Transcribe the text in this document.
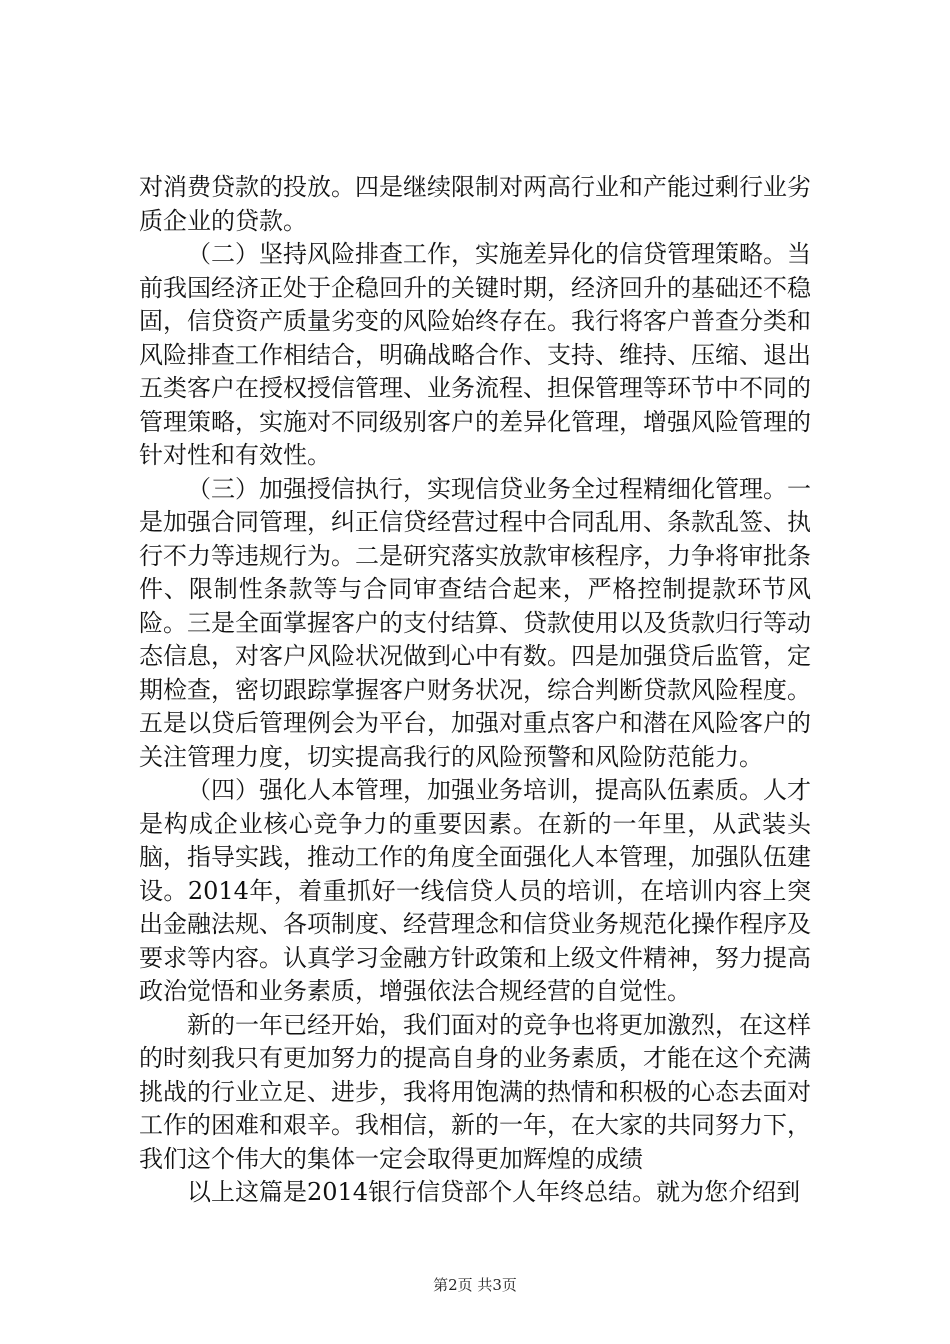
对消费贷款的投放。四是继续限制对两高行业和产能过剩行业劣质企业的贷款。

（二）坚持风险排查工作，实施差异化的信贷管理策略。当前我国经济正处于企稳回升的关键时期，经济回升的基础还不稳固，信贷资产质量劣变的风险始终存在。我行将客户普查分类和风险排查工作相结合，明确战略合作、支持、维持、压缩、退出五类客户在授权授信管理、业务流程、担保管理等环节中不同的管理策略，实施对不同级别客户的差异化管理，增强风险管理的针对性和有效性。

（三）加强授信执行，实现信贷业务全过程精细化管理。一是加强合同管理，纠正信贷经营过程中合同乱用、条款乱签、执行不力等违规行为。二是研究落实放款审核程序，力争将审批条件、限制性条款等与合同审查结合起来，严格控制提款环节风险。三是全面掌握客户的支付结算、贷款使用以及货款归行等动态信息，对客户风险状况做到心中有数。四是加强贷后监管，定期检查，密切跟踪掌握客户财务状况，综合判断贷款风险程度。五是以贷后管理例会为平台，加强对重点客户和潜在风险客户的关注管理力度，切实提高我行的风险预警和风险防范能力。

（四）强化人本管理，加强业务培训，提高队伍素质。人才是构成企业核心竞争力的重要因素。在新的一年里，从武装头脑，指导实践，推动工作的角度全面强化人本管理，加强队伍建设。2014年，着重抓好一线信贷人员的培训，在培训内容上突出金融法规、各项制度、经营理念和信贷业务规范化操作程序及要求等内容。认真学习金融方针政策和上级文件精神，努力提高政治觉悟和业务素质，增强依法合规经营的自觉性。

新的一年已经开始，我们面对的竞争也将更加激烈，在这样的时刻我只有更加努力的提高自身的业务素质，才能在这个充满挑战的行业立足、进步，我将用饱满的热情和积极的心态去面对工作的困难和艰辛。我相信，新的一年，在大家的共同努力下，我们这个伟大的集体一定会取得更加辉煌的成绩

以上这篇是2014银行信贷部个人年终总结。就为您介绍到

第2页 共3页
